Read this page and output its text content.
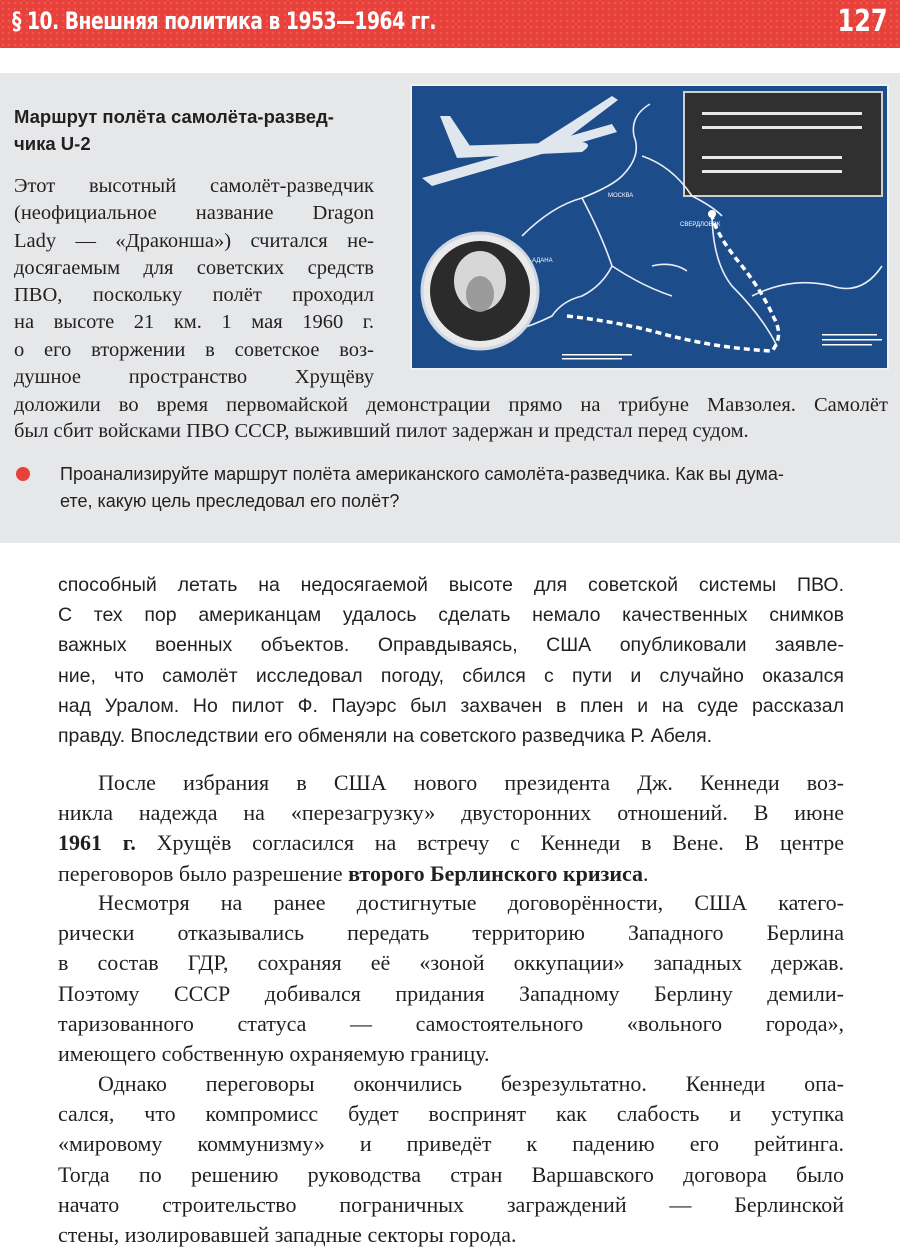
§ 10. Внешняя политика в 1953—1964 гг.	127
Маршрут полёта самолёта-развед-
чика U-2
Этот высотный самолёт-разведчик
(неофициальное название Dragon
Lady — «Драконша») считался не-
досягаемым для советских средств
ПВО, поскольку полёт проходил
на высоте 21 км. 1 мая 1960 г.
о его вторжении в советское воз-
душное пространство Хрущёву
доложили во время первомайской демонстрации прямо на трибуне Мавзолея. Самолёт
был сбит войсками ПВО СССР, выживший пилот задержан и предстал перед судом.
Проанализируйте маршрут полёта американского самолёта-разведчика. Как вы дума-
ете, какую цель преследовал его полёт?
МОСКВА
СВЕРДЛОВСК
АДАНА
способный летать на недосягаемой высоте для советской системы ПВО.
С тех пор американцам удалось сделать немало качественных снимков
важных военных объектов. Оправдываясь, США опубликовали заявле-
ние, что самолёт исследовал погоду, сбился с пути и случайно оказался
над Уралом. Но пилот Ф. Пауэрс был захвачен в плен и на суде рассказал
правду. Впоследствии его обменяли на советского разведчика Р. Абеля.
После избрания в США нового президента Дж. Кеннеди воз-
никла надежда на «перезагрузку» двусторонних отношений. В июне
1961 г. Хрущёв согласился на встречу с Кеннеди в Вене. В центре
переговоров было разрешение второго Берлинского кризиса.
Несмотря на ранее достигнутые договорённости, США катего-
рически отказывались передать территорию Западного Берлина
в состав ГДР, сохраняя её «зоной оккупации» западных держав.
Поэтому СССР добивался придания Западному Берлину демили-
таризованного статуса — самостоятельного «вольного города»,
имеющего собственную охраняемую границу.
Однако переговоры окончились безрезультатно. Кеннеди опа-
сался, что компромисс будет воспринят как слабость и уступка
«мировому коммунизму» и приведёт к падению его рейтинга.
Тогда по решению руководства стран Варшавского договора было
начато строительство пограничных заграждений — Берлинской
стены, изолировавшей западные секторы города.
